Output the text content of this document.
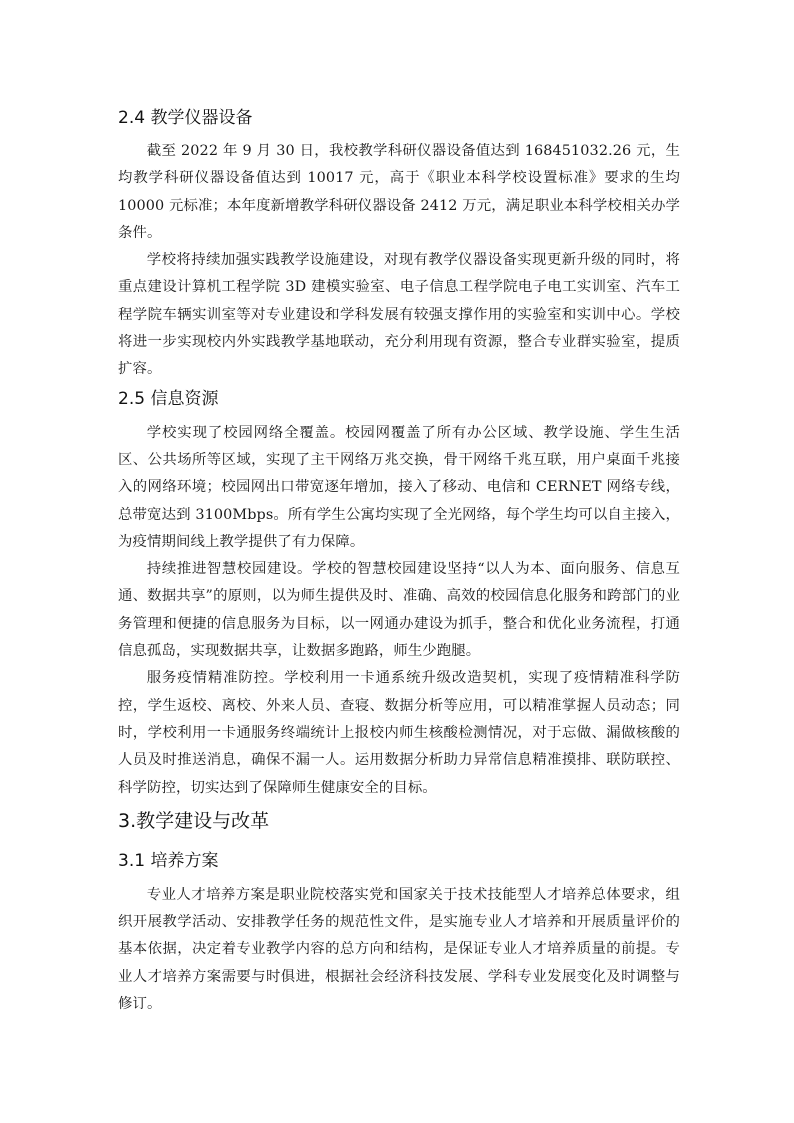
2.4 教学仪器设备

截至 2022 年 9 月 30 日，我校教学科研仪器设备值达到 168451032.26 元，生均教学科研仪器设备值达到 10017 元，高于《职业本科学校设置标准》要求的生均 10000 元标准；本年度新增教学科研仪器设备 2412 万元，满足职业本科学校相关办学条件。

学校将持续加强实践教学设施建设，对现有教学仪器设备实现更新升级的同时，将重点建设计算机工程学院 3D 建模实验室、电子信息工程学院电子电工实训室、汽车工程学院车辆实训室等对专业建设和学科发展有较强支撑作用的实验室和实训中心。学校将进一步实现校内外实践教学基地联动，充分利用现有资源，整合专业群实验室，提质扩容。

2.5 信息资源

学校实现了校园网络全覆盖。校园网覆盖了所有办公区域、教学设施、学生生活区、公共场所等区域，实现了主干网络万兆交换，骨干网络千兆互联，用户桌面千兆接入的网络环境；校园网出口带宽逐年增加，接入了移动、电信和 CERNET 网络专线，总带宽达到 3100Mbps。所有学生公寓均实现了全光网络，每个学生均可以自主接入，为疫情期间线上教学提供了有力保障。

持续推进智慧校园建设。学校的智慧校园建设坚持“以人为本、面向服务、信息互通、数据共享”的原则，以为师生提供及时、准确、高效的校园信息化服务和跨部门的业务管理和便捷的信息服务为目标，以一网通办建设为抓手，整合和优化业务流程，打通信息孤岛，实现数据共享，让数据多跑路，师生少跑腿。

服务疫情精准防控。学校利用一卡通系统升级改造契机，实现了疫情精准科学防控，学生返校、离校、外来人员、查寝、数据分析等应用，可以精准掌握人员动态；同时，学校利用一卡通服务终端统计上报校内师生核酸检测情况，对于忘做、漏做核酸的人员及时推送消息，确保不漏一人。运用数据分析助力异常信息精准摸排、联防联控、科学防控，切实达到了保障师生健康安全的目标。

3.教学建设与改革
3.1 培养方案

专业人才培养方案是职业院校落实党和国家关于技术技能型人才培养总体要求，组织开展教学活动、安排教学任务的规范性文件，是实施专业人才培养和开展质量评价的基本依据，决定着专业教学内容的总方向和结构，是保证专业人才培养质量的前提。专业人才培养方案需要与时俱进，根据社会经济科技发展、学科专业发展变化及时调整与修订。
